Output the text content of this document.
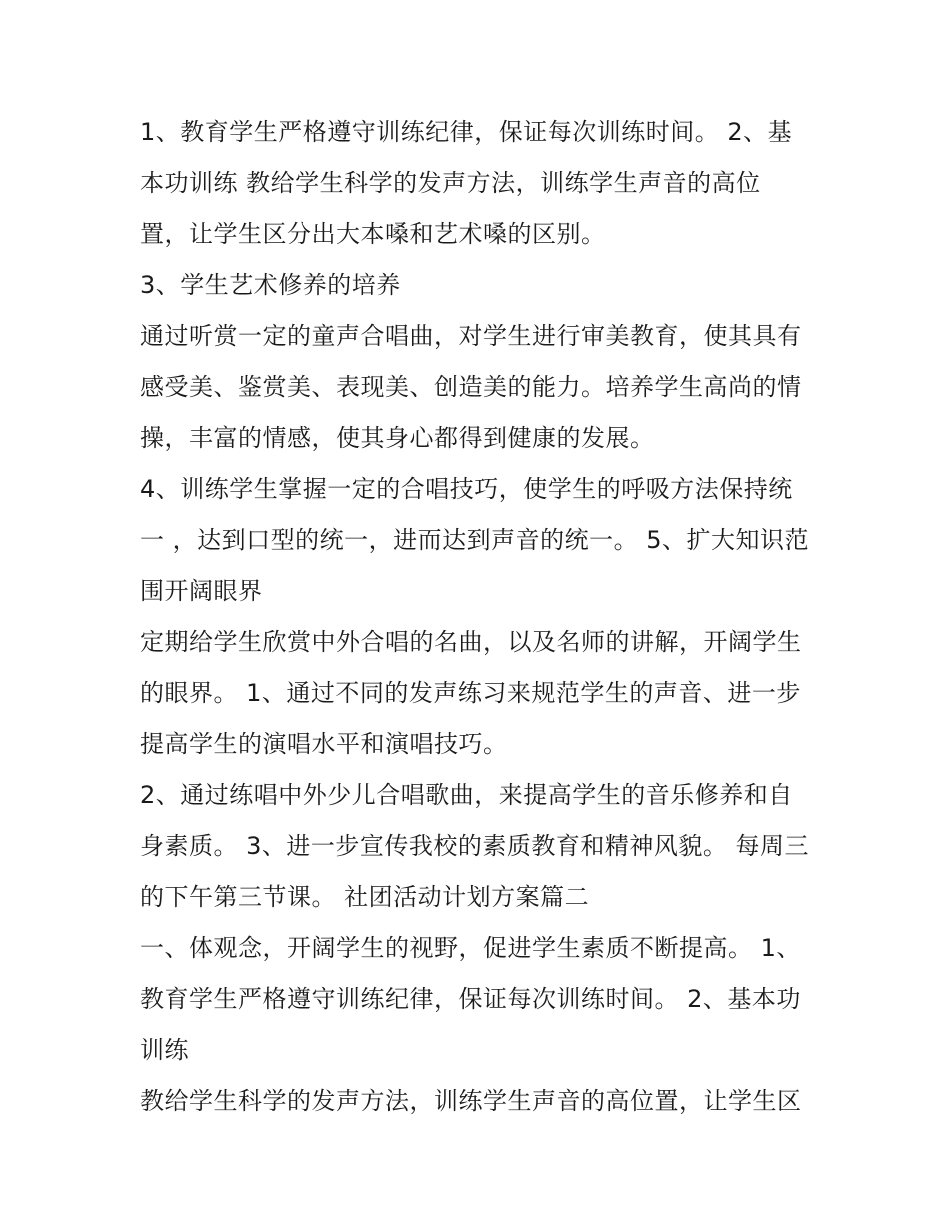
1、教育学生严格遵守训练纪律，保证每次训练时间。 2、基
本功训练 教给学生科学的发声方法，训练学生声音的高位
置，让学生区分出大本嗓和艺术嗓的区别。
3、学生艺术修养的培养
通过听赏一定的童声合唱曲，对学生进行审美教育，使其具有
感受美、鉴赏美、表现美、创造美的能力。培养学生高尚的情
操，丰富的情感，使其身心都得到健康的发展。
4、训练学生掌握一定的合唱技巧，使学生的呼吸方法保持统
一 ，达到口型的统一，进而达到声音的统一。 5、扩大知识范
围开阔眼界
定期给学生欣赏中外合唱的名曲，以及名师的讲解，开阔学生
的眼界。 1、通过不同的发声练习来规范学生的声音、进一步
提高学生的演唱水平和演唱技巧。
2、通过练唱中外少儿合唱歌曲，来提高学生的音乐修养和自
身素质。 3、进一步宣传我校的素质教育和精神风貌。 每周三
的下午第三节课。 社团活动计划方案篇二
一、体观念，开阔学生的视野，促进学生素质不断提高。 1、
教育学生严格遵守训练纪律，保证每次训练时间。 2、基本功
训练
教给学生科学的发声方法，训练学生声音的高位置，让学生区
